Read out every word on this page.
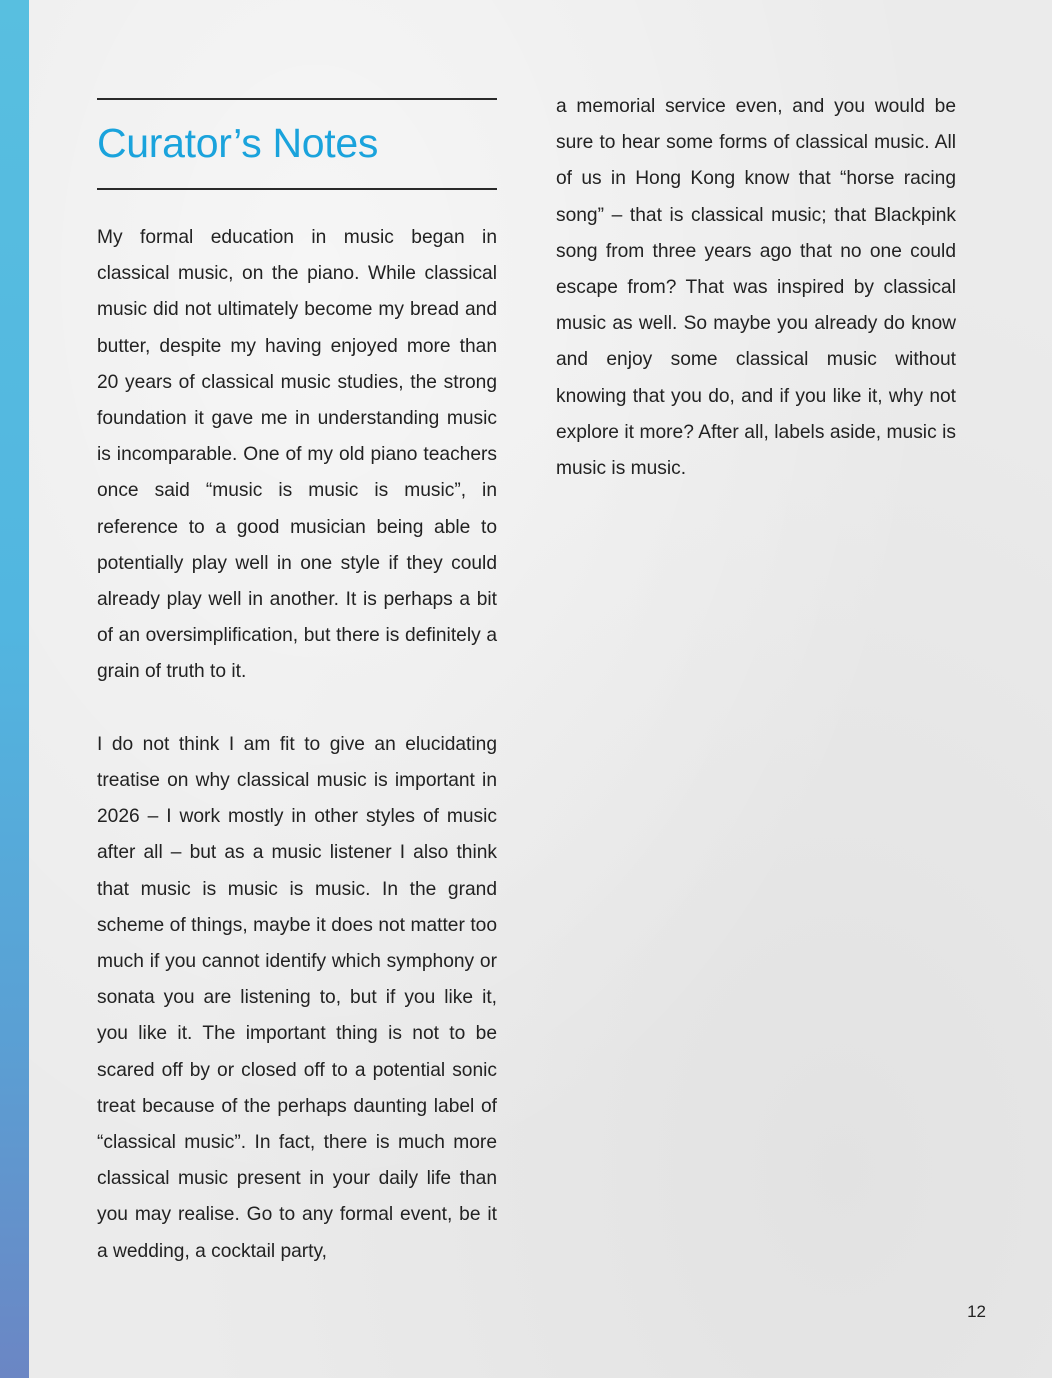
Curator’s Notes

My formal education in music began in classical music, on the piano. While classical music did not ultimately become my bread and butter, despite my having enjoyed more than 20 years of classical music studies, the strong foundation it gave me in understanding music is incomparable. One of my old piano teachers once said “music is music is music”, in reference to a good musician being able to potentially play well in one style if they could already play well in another. It is perhaps a bit of an oversimplification, but there is definitely a grain of truth to it.

I do not think I am fit to give an elucidating treatise on why classical music is important in 2026 – I work mostly in other styles of music after all – but as a music listener I also think that music is music is music. In the grand scheme of things, maybe it does not matter too much if you cannot identify which symphony or sonata you are listening to, but if you like it, you like it. The important thing is not to be scared off by or closed off to a potential sonic treat because of the perhaps daunting label of “classical music”. In fact, there is much more classical music present in your daily life than you may realise. Go to any formal event, be it a wedding, a cocktail party,

a memorial service even, and you would be sure to hear some forms of classical music. All of us in Hong Kong know that “horse racing song” – that is classical music; that Blackpink song from three years ago that no one could escape from? That was inspired by classical music as well. So maybe you already do know and enjoy some classical music without knowing that you do, and if you like it, why not explore it more? After all, labels aside, music is music is music.

12
